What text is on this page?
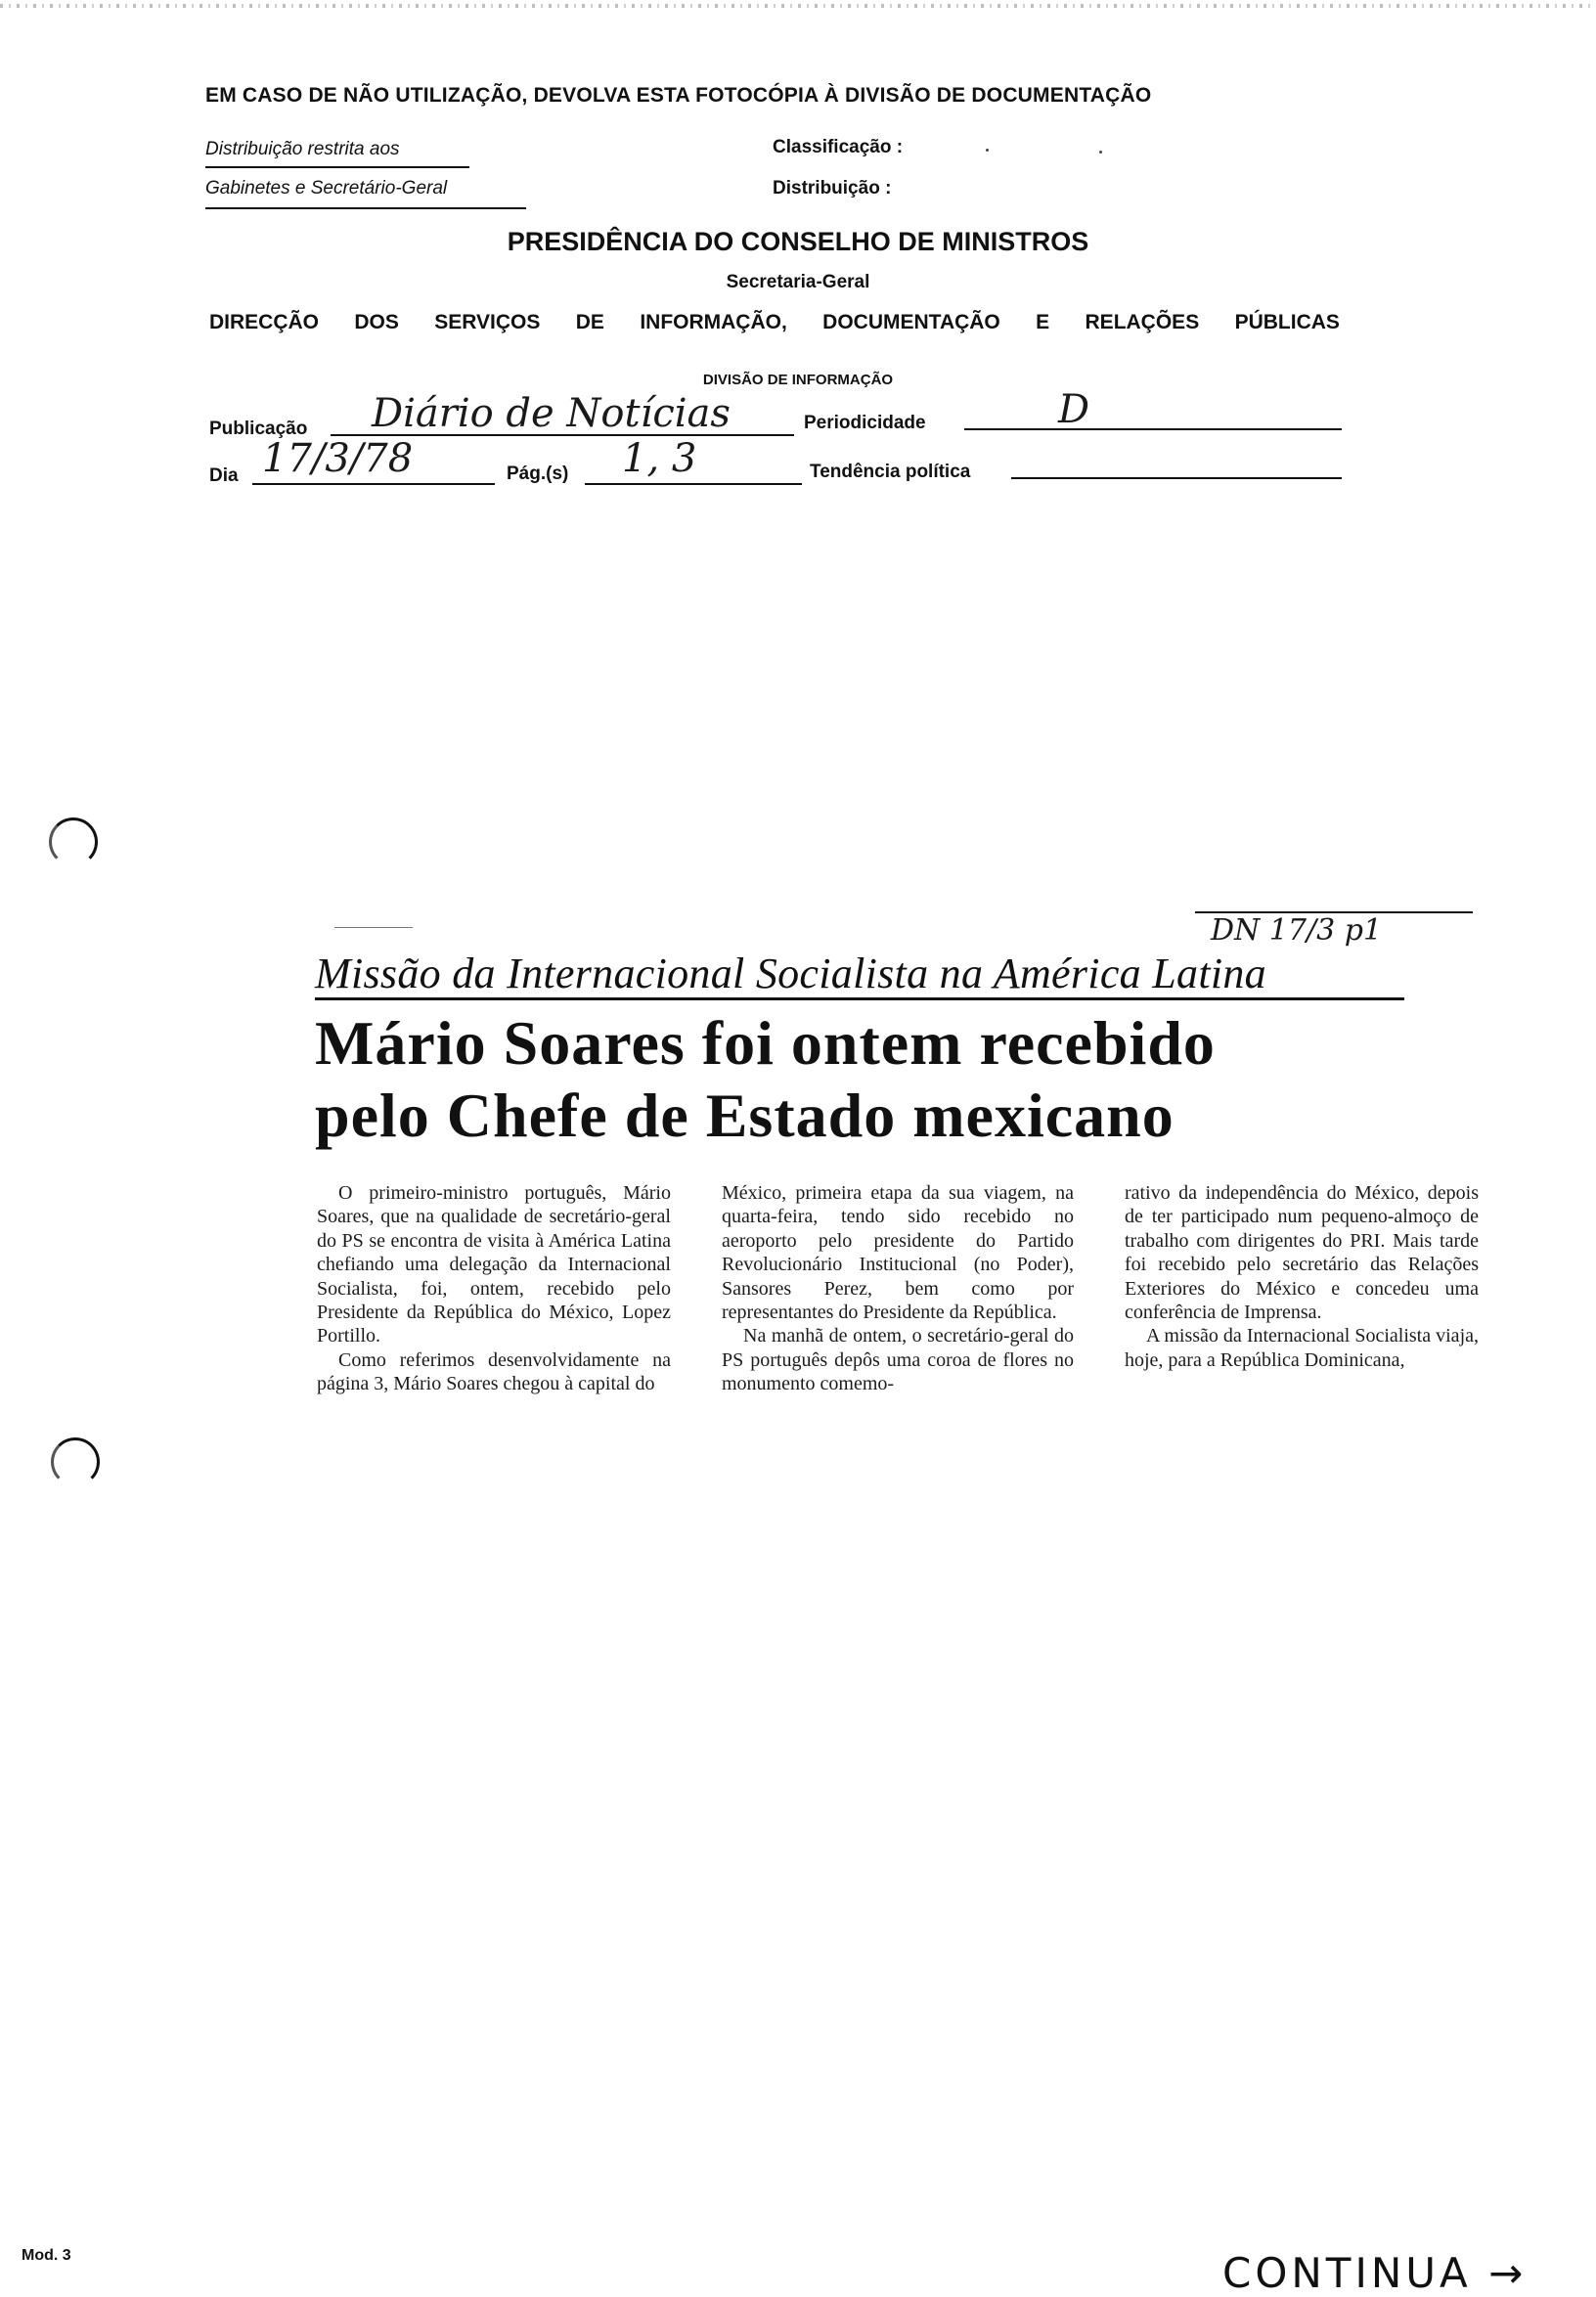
EM CASO DE NÃO UTILIZAÇÃO, DEVOLVA ESTA FOTOCÓPIA À DIVISÃO DE DOCUMENTAÇÃO
Distribuição restrita aos
Gabinetes e Secretário-Geral
Classificação :
Distribuição :
PRESIDÊNCIA DO CONSELHO DE MINISTROS
Secretaria-Geral
DIRECÇÃO DOS SERVIÇOS DE INFORMAÇÃO, DOCUMENTAÇÃO E RELAÇÕES PÚBLICAS
DIVISÃO DE INFORMAÇÃO
Publicação Diário de Notícias	Periodicidade	D
Dia 17/3/78	Pág.(s) 1, 3	Tendência política
DN 17/3 p1
Missão da Internacional Socialista na América Latina
Mário Soares foi ontem recebido
pelo Chefe de Estado mexicano

O primeiro-ministro português, Mário Soares, que na qualidade de secretário-geral do PS se encontra de visita à América Latina chefiando uma delegação da Internacional Socialista, foi, ontem, recebido pelo Presidente da República do México, Lopez Portillo.

Como referimos desenvolvidamente na página 3, Mário Soares chegou à capital do

México, primeira etapa da sua viagem, na quarta-feira, tendo sido recebido no aeroporto pelo presidente do Partido Revolucionário Institucional (no Poder), Sansores Perez, bem como por representantes do Presidente da República.

Na manhã de ontem, o secretário-geral do PS português depôs uma coroa de flores no monumento comemo-

rativo da independência do México, depois de ter participado num pequeno-almoço de trabalho com dirigentes do PRI. Mais tarde foi recebido pelo secretário das Relações Exteriores do México e concedeu uma conferência de Imprensa.

A missão da Internacional Socialista viaja, hoje, para a República Dominicana,

Mod. 3	CONTINUA →
